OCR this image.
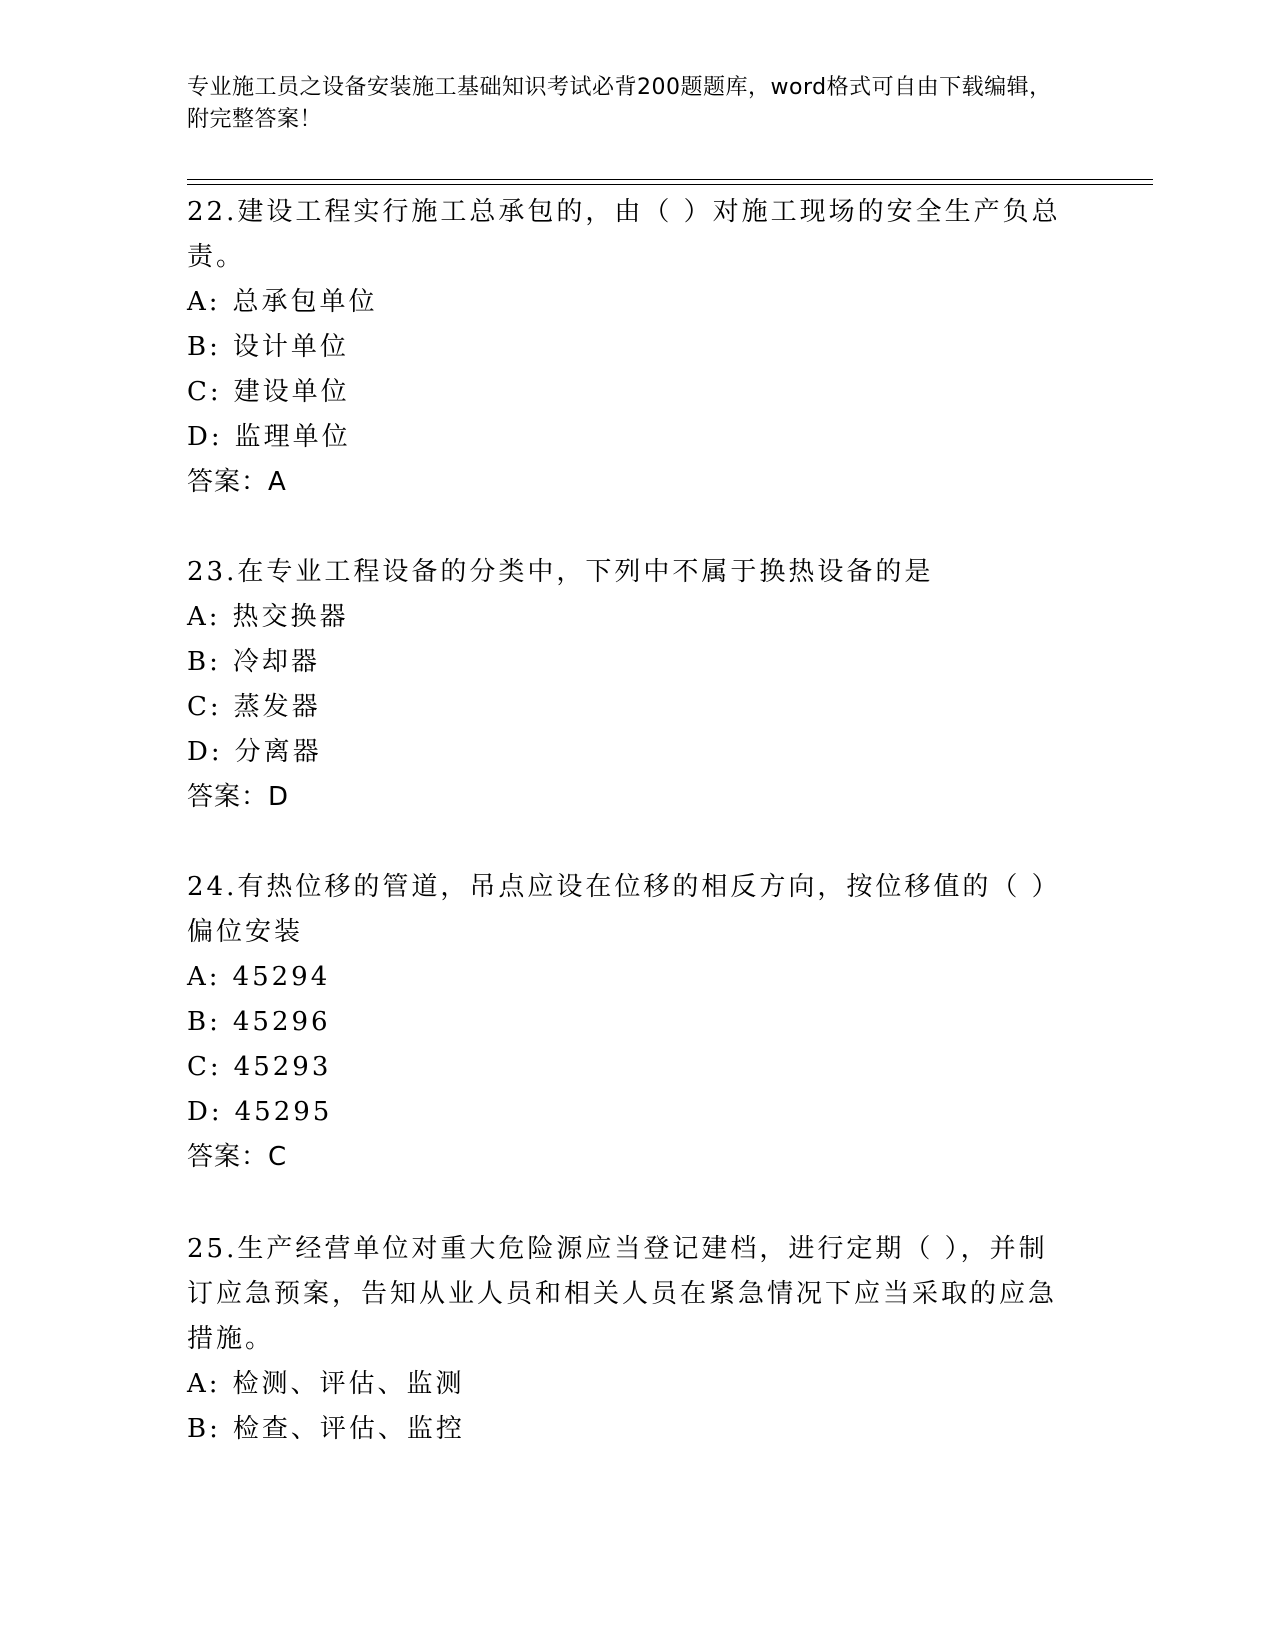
专业施工员之设备安装施工基础知识考试必背200题题库，word格式可自由下载编辑，附完整答案！

22.建设工程实行施工总承包的，由（ ）对施工现场的安全生产负总责。

A: 总承包单位

B: 设计单位

C: 建设单位

D: 监理单位

答案：A

23.在专业工程设备的分类中，下列中不属于换热设备的是

A: 热交换器

B: 冷却器

C: 蒸发器

D: 分离器

答案：D

24.有热位移的管道，吊点应设在位移的相反方向，按位移值的（ ）偏位安装

A: 45294

B: 45296

C: 45293

D: 45295

答案：C

25.生产经营单位对重大危险源应当登记建档，进行定期（ ），并制订应急预案，告知从业人员和相关人员在紧急情况下应当采取的应急措施。

A: 检测、评估、监测

B: 检查、评估、监控
